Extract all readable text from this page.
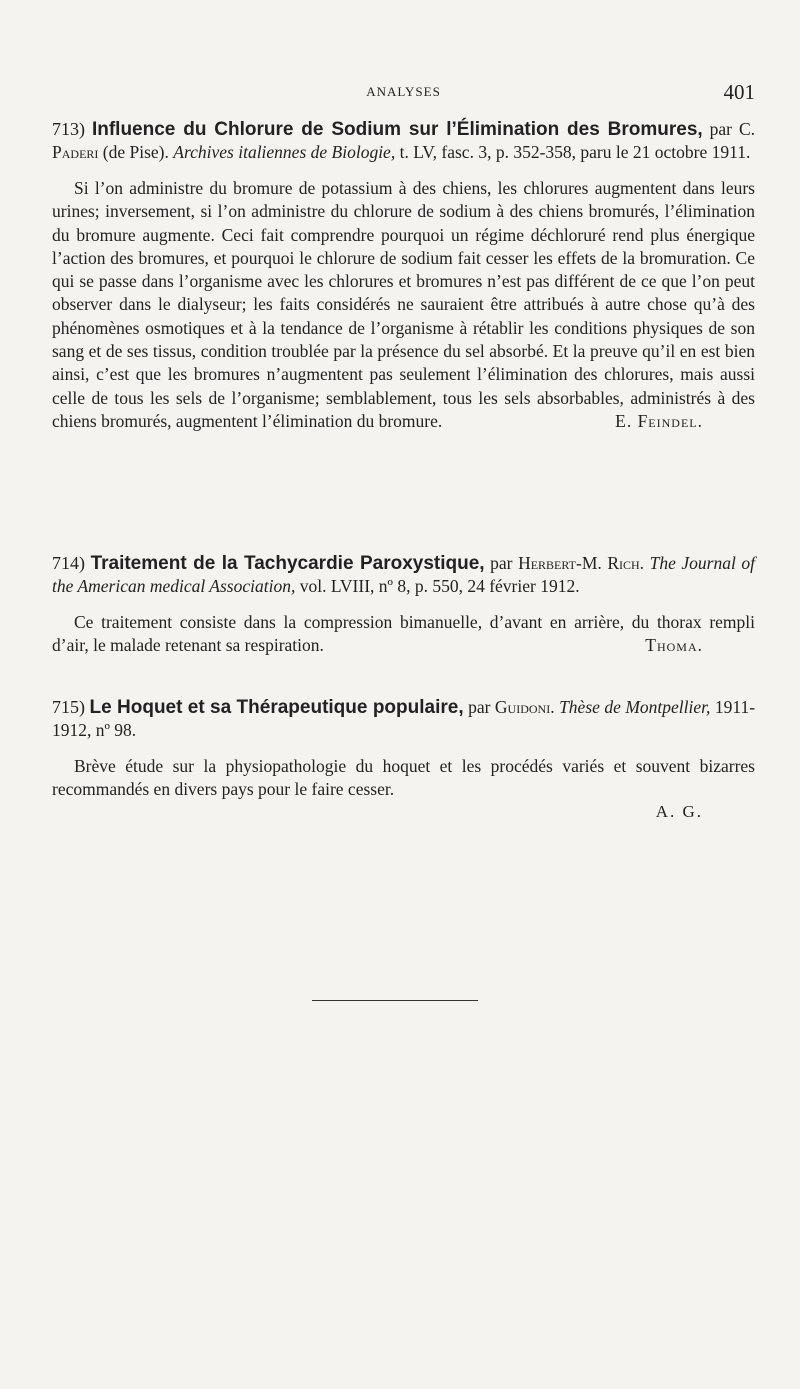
ANALYSES	401
713) Influence du Chlorure de Sodium sur l’Élimination des Bromures, par C. Paderi (de Pise). Archives italiennes de Biologie, t. LV, fasc. 3, p. 352-358, paru le 21 octobre 1911.
Si l’on administre du bromure de potassium à des chiens, les chlorures augmentent dans leurs urines; inversement, si l’on administre du chlorure de sodium à des chiens bromurés, l’élimination du bromure augmente. Ceci fait comprendre pourquoi un régime déchloruré rend plus énergique l’action des bromures, et pourquoi le chlorure de sodium fait cesser les effets de la bromuration. Ce qui se passe dans l’organisme avec les chlorures et bromures n’est pas différent de ce que l’on peut observer dans le dialyseur; les faits considérés ne sauraient être attribués à autre chose qu’à des phénomènes osmotiques et à la tendance de l’organisme à rétablir les conditions physiques de son sang et de ses tissus, condition troublée par la présence du sel absorbé. Et la preuve qu’il en est bien ainsi, c’est que les bromures n’augmentent pas seulement l’élimination des chlorures, mais aussi celle de tous les sels de l’organisme; semblablement, tous les sels absorbables, administrés à des chiens bromurés, augmentent l’élimination du bromure.	E. Feindel.
714) Traitement de la Tachycardie Paroxystique, par Herbert-M. Rich. The Journal of the American medical Association, vol. LVIII, nº 8, p. 550, 24 février 1912.
Ce traitement consiste dans la compression bimanuelle, d’avant en arrière, du thorax rempli d’air, le malade retenant sa respiration.	Thoma.
715) Le Hoquet et sa Thérapeutique populaire, par Guidoni. Thèse de Montpellier, 1911-1912, nº 98.
Brève étude sur la physiopathologie du hoquet et les procédés variés et souvent bizarres recommandés en divers pays pour le faire cesser.
A. G.
